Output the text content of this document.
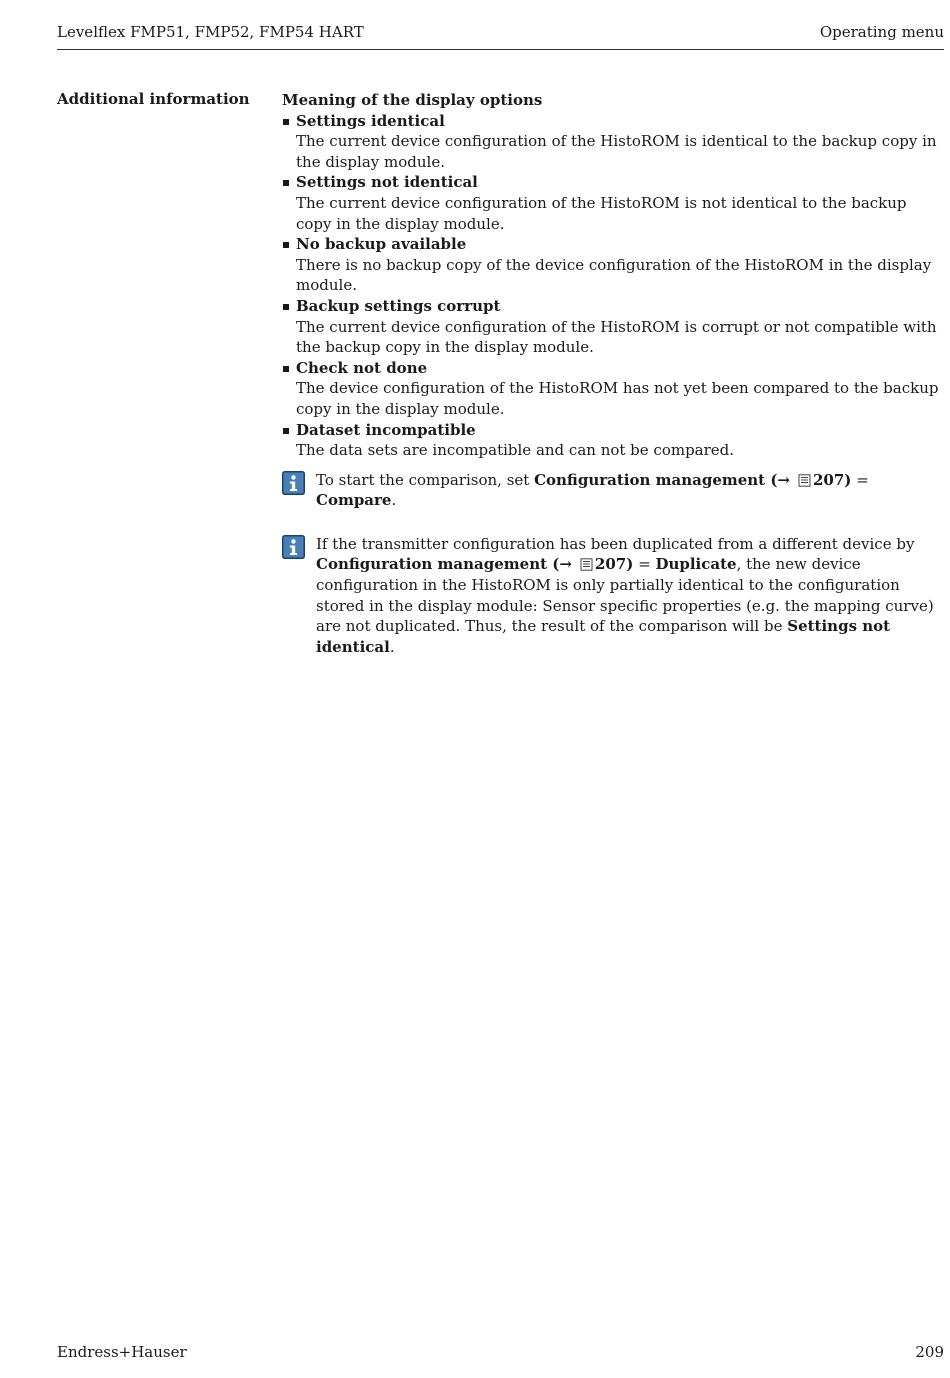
Levelflex FMP51, FMP52, FMP54 HART	Operating menu
Additional information Meaning of the display options
Settings identical
The current device configuration of the HistoROM is identical to the backup copy in the display module.
Settings not identical
The current device configuration of the HistoROM is not identical to the backup copy in the display module.
No backup available
There is no backup copy of the device configuration of the HistoROM in the display module.
Backup settings corrupt
The current device configuration of the HistoROM is corrupt or not compatible with the backup copy in the display module.
Check not done
The device configuration of the HistoROM has not yet been compared to the backup copy in the display module.
Dataset incompatible
The data sets are incompatible and can not be compared.
To start the comparison, set Configuration management (→ 207) = Compare.
If the transmitter configuration has been duplicated from a different device by Configuration management (→ 207) = Duplicate, the new device configuration in the HistoROM is only partially identical to the configuration stored in the display module: Sensor specific properties (e.g. the mapping curve) are not duplicated. Thus, the result of the comparison will be Settings not identical.
Endress+Hauser	209
